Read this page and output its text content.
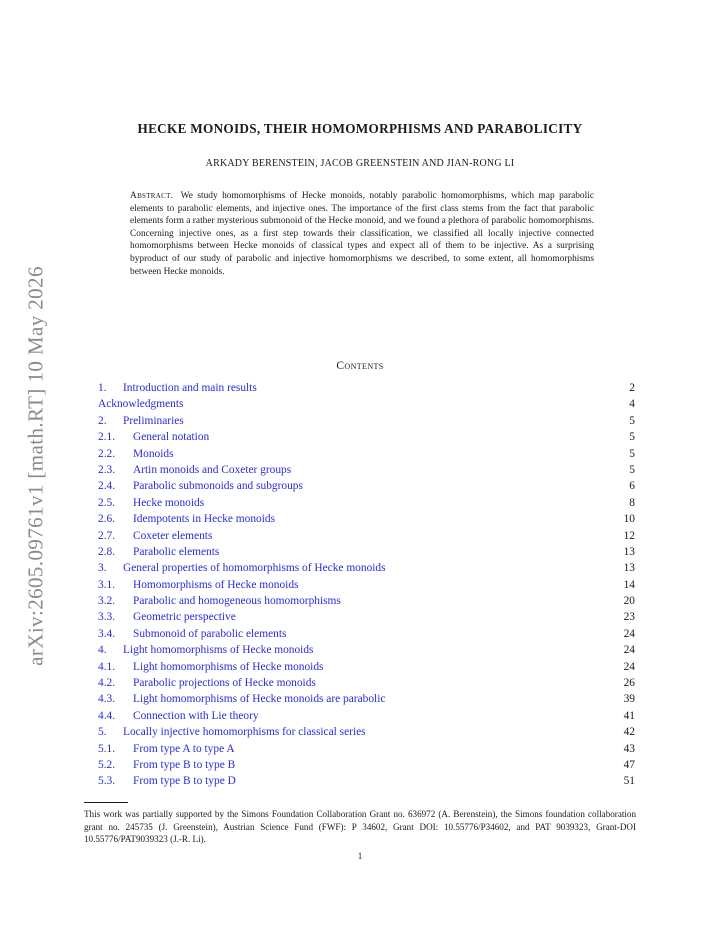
arXiv:2605.09761v1 [math.RT] 10 May 2026
HECKE MONOIDS, THEIR HOMOMORPHISMS AND PARABOLICITY
ARKADY BERENSTEIN, JACOB GREENSTEIN AND JIAN-RONG LI
Abstract. We study homomorphisms of Hecke monoids, notably parabolic homomorphisms, which map parabolic elements to parabolic elements, and injective ones. The importance of the first class stems from the fact that parabolic elements form a rather mysterious submonoid of the Hecke monoid, and we found a plethora of parabolic homomorphisms. Concerning injective ones, as a first step towards their classification, we classified all locally injective connected homomorphisms between Hecke monoids of classical types and expect all of them to be injective. As a surprising byproduct of our study of parabolic and injective homomorphisms we described, to some extent, all homomorphisms between Hecke monoids.
Contents
1.	Introduction and main results	2
Acknowledgments	4
2.	Preliminaries	5
2.1.	General notation	5
2.2.	Monoids	5
2.3.	Artin monoids and Coxeter groups	5
2.4.	Parabolic submonoids and subgroups	6
2.5.	Hecke monoids	8
2.6.	Idempotents in Hecke monoids	10
2.7.	Coxeter elements	12
2.8.	Parabolic elements	13
3.	General properties of homomorphisms of Hecke monoids	13
3.1.	Homomorphisms of Hecke monoids	14
3.2.	Parabolic and homogeneous homomorphisms	20
3.3.	Geometric perspective	23
3.4.	Submonoid of parabolic elements	24
4.	Light homomorphisms of Hecke monoids	24
4.1.	Light homomorphisms of Hecke monoids	24
4.2.	Parabolic projections of Hecke monoids	26
4.3.	Light homomorphisms of Hecke monoids are parabolic	39
4.4.	Connection with Lie theory	41
5.	Locally injective homomorphisms for classical series	42
5.1.	From type A to type A	43
5.2.	From type B to type B	47
5.3.	From type B to type D	51
This work was partially supported by the Simons Foundation Collaboration Grant no. 636972 (A. Berenstein), the Simons foundation collaboration grant no. 245735 (J. Greenstein), Austrian Science Fund (FWF): P 34602, Grant DOI: 10.55776/P34602, and PAT 9039323, Grant-DOI 10.55776/PAT9039323 (J.-R. Li).
1
